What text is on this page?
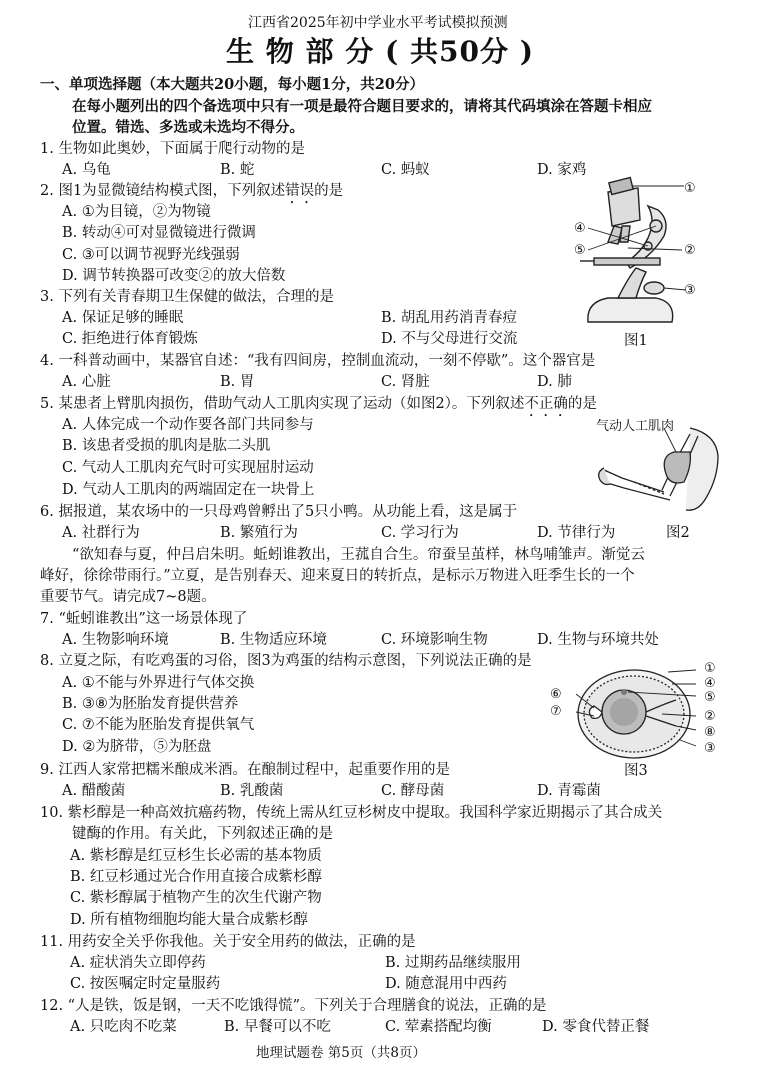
江西省2025年初中学业水平考试模拟预测
生 物 部 分 ( 共50分 )
一、单项选择题（本大题共20小题，每小题1分，共20分）
在每小题列出的四个备选项中只有一项是最符合题目要求的，请将其代码填涂在答题卡相应
位置。错选、多选或未选均不得分。
1. 生物如此奥妙，下面属于爬行动物的是
A. 乌龟	B. 蛇	C. 蚂蚁	D. 家鸡
2. 图1为显微镜结构模式图，下列叙述错误的是
A. ①为目镜，②为物镜
B. 转动④可对显微镜进行微调
C. ③可以调节视野光线强弱
D. 调节转换器可改变②的放大倍数
①
②
③
④
⑤
图1
3. 下列有关青春期卫生保健的做法，合理的是
A. 保证足够的睡眠	B. 胡乱用药消青春痘
C. 拒绝进行体育锻炼	D. 不与父母进行交流
4. 一科普动画中，某器官自述：“我有四间房，控制血流动，一刻不停歇”。这个器官是
A. 心脏	B. 胃	C. 肾脏	D. 肺
5. 某患者上臂肌肉损伤，借助气动人工肌肉实现了运动（如图2）。下列叙述不正确的是
A. 人体完成一个动作要各部门共同参与
B. 该患者受损的肌肉是肱二头肌
C. 气动人工肌肉充气时可实现屈肘运动
D. 气动人工肌肉的两端固定在一块骨上
气动人工肌肉
图2
6. 据报道，某农场中的一只母鸡曾孵出了5只小鸭。从功能上看，这是属于
A. 社群行为	B. 繁殖行为	C. 学习行为	D. 节律行为
“欲知春与夏，仲吕启朱明。蚯蚓谁教出，王菰自合生。帘蚕呈茧样，林鸟哺雏声。渐觉云
峰好，徐徐带雨行。”立夏，是告别春天、迎来夏日的转折点，是标示万物进入旺季生长的一个
重要节气。请完成7~8题。
7. “蚯蚓谁教出”这一场景体现了
A. 生物影响环境	B. 生物适应环境	C. 环境影响生物	D. 生物与环境共处
8. 立夏之际，有吃鸡蛋的习俗，图3为鸡蛋的结构示意图，下列说法正确的是
A. ①不能与外界进行气体交换
B. ③⑧为胚胎发育提供营养
C. ⑦不能为胚胎发育提供氧气
D. ②为脐带，⑤为胚盘
①
④
⑤
②
⑧
③
⑥
⑦
图3
9. 江西人家常把糯米酿成米酒。在酿制过程中，起重要作用的是
A. 醋酸菌	B. 乳酸菌	C. 酵母菌	D. 青霉菌
10. 紫杉醇是一种高效抗癌药物，传统上需从红豆杉树皮中提取。我国科学家近期揭示了其合成关
键酶的作用。有关此，下列叙述正确的是
A. 紫杉醇是红豆杉生长必需的基本物质
B. 红豆杉通过光合作用直接合成紫杉醇
C. 紫杉醇属于植物产生的次生代谢产物
D. 所有植物细胞均能大量合成紫杉醇
11. 用药安全关乎你我他。关于安全用药的做法，正确的是
A. 症状消失立即停药	B. 过期药品继续服用
C. 按医嘱定时定量服药	D. 随意混用中西药
12. “人是铁，饭是钢，一天不吃饿得慌”。下列关于合理膳食的说法，正确的是
A. 只吃肉不吃菜	B. 早餐可以不吃	C. 荤素搭配均衡	D. 零食代替正餐
地理试题卷 第5页（共8页）
